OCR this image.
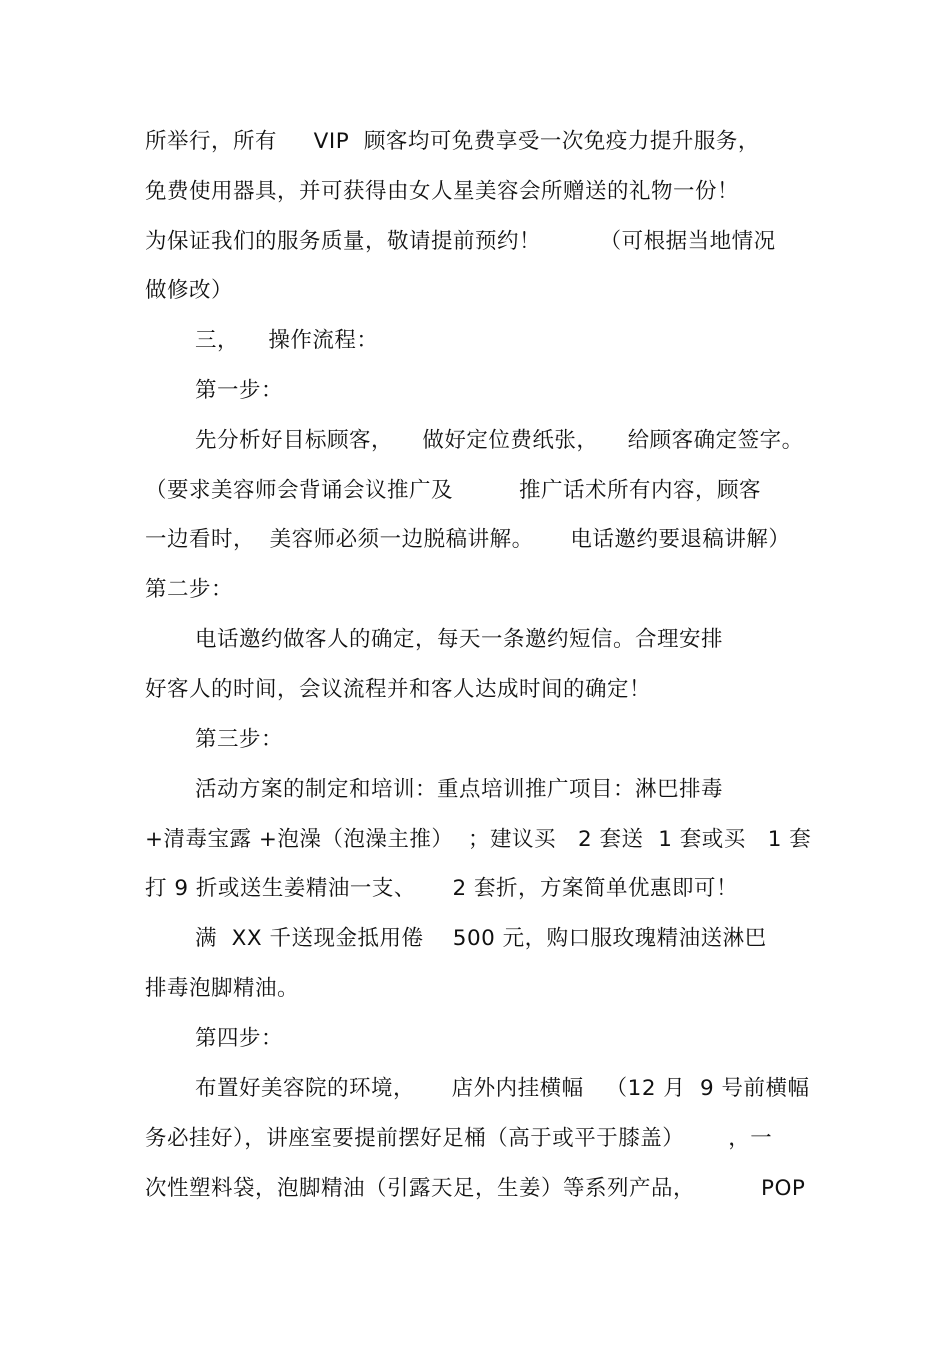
所举行，所有     VIP  顾客均可免费享受一次免疫力提升服务，
免费使用器具，并可获得由女人星美容会所赠送的礼物一份！
为保证我们的服务质量，敬请提前预约！        （可根据当地情况
做修改）
三，    操作流程：
第一步：
先分析好目标顾客，    做好定位费纸张，    给顾客确定签字。
（要求美容师会背诵会议推广及         推广话术所有内容，顾客
一边看时，  美容师必须一边脱稿讲解。     电话邀约要退稿讲解）
第二步：
电话邀约做客人的确定，每天一条邀约短信。合理安排
好客人的时间，会议流程并和客人达成时间的确定！
第三步：
活动方案的制定和培训：重点培训推广项目：淋巴排毒
+清毒宝露 +泡澡（泡澡主推）  ；建议买   2 套送  1 套或买   1 套
打 9 折或送生姜精油一支、     2 套折，方案简单优惠即可！
满  XX 千送现金抵用倦    500 元，购口服玫瑰精油送淋巴
排毒泡脚精油。
第四步：
布置好美容院的环境，     店外内挂横幅   （12 月  9 号前横幅
务必挂好），讲座室要提前摆好足桶（高于或平于膝盖）      ，一
次性塑料袋，泡脚精油（引露天足，生姜）等系列产品，         POP
